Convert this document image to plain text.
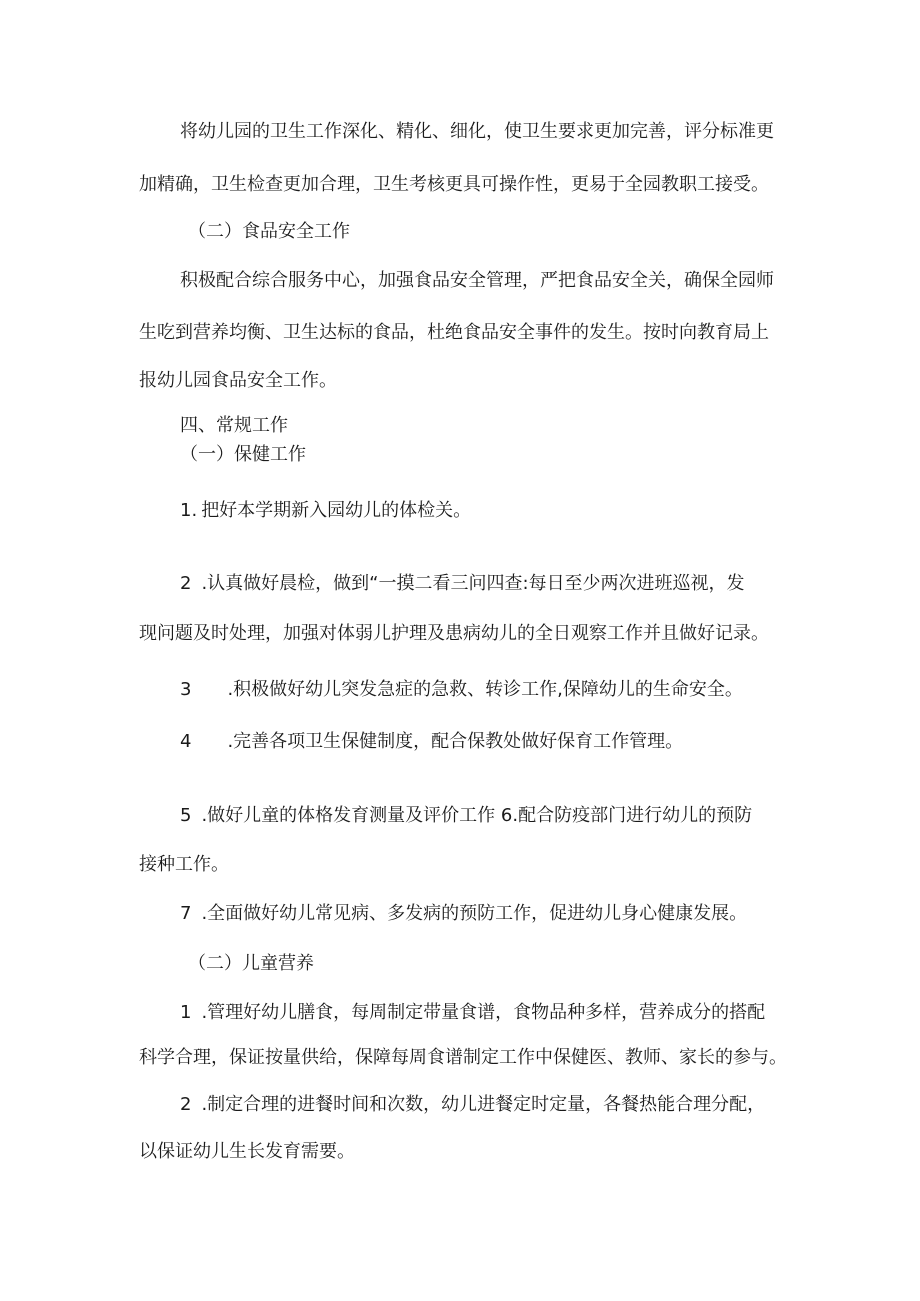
将幼儿园的卫生工作深化、精化、细化，使卫生要求更加完善，评分标准更

加精确，卫生检查更加合理，卫生考核更具可操作性，更易于全园教职工接受。

（二）食品安全工作

积极配合综合服务中心，加强食品安全管理，严把食品安全关，确保全园师

生吃到营养均衡、卫生达标的食品，杜绝食品安全事件的发生。按时向教育局上

报幼儿园食品安全工作。

四、常规工作

（一）保健工作

1. 把好本学期新入园幼儿的体检关。

2 .认真做好晨检，做到“一摸二看三问四查:每日至少两次进班巡视，发

现问题及时处理，加强对体弱儿护理及患病幼儿的全日观察工作并且做好记录。

3 .积极做好幼儿突发急症的急救、转诊工作,保障幼儿的生命安全。

4 .完善各项卫生保健制度，配合保教处做好保育工作管理。

5 .做好儿童的体格发育测量及评价工作 6.配合防疫部门进行幼儿的预防

接种工作。

7 .全面做好幼儿常见病、多发病的预防工作，促进幼儿身心健康发展。

（二）儿童营养

1 .管理好幼儿膳食，每周制定带量食谱，食物品种多样，营养成分的搭配

科学合理，保证按量供给，保障每周食谱制定工作中保健医、教师、家长的参与。

2 .制定合理的进餐时间和次数，幼儿进餐定时定量，各餐热能合理分配，

以保证幼儿生长发育需要。
